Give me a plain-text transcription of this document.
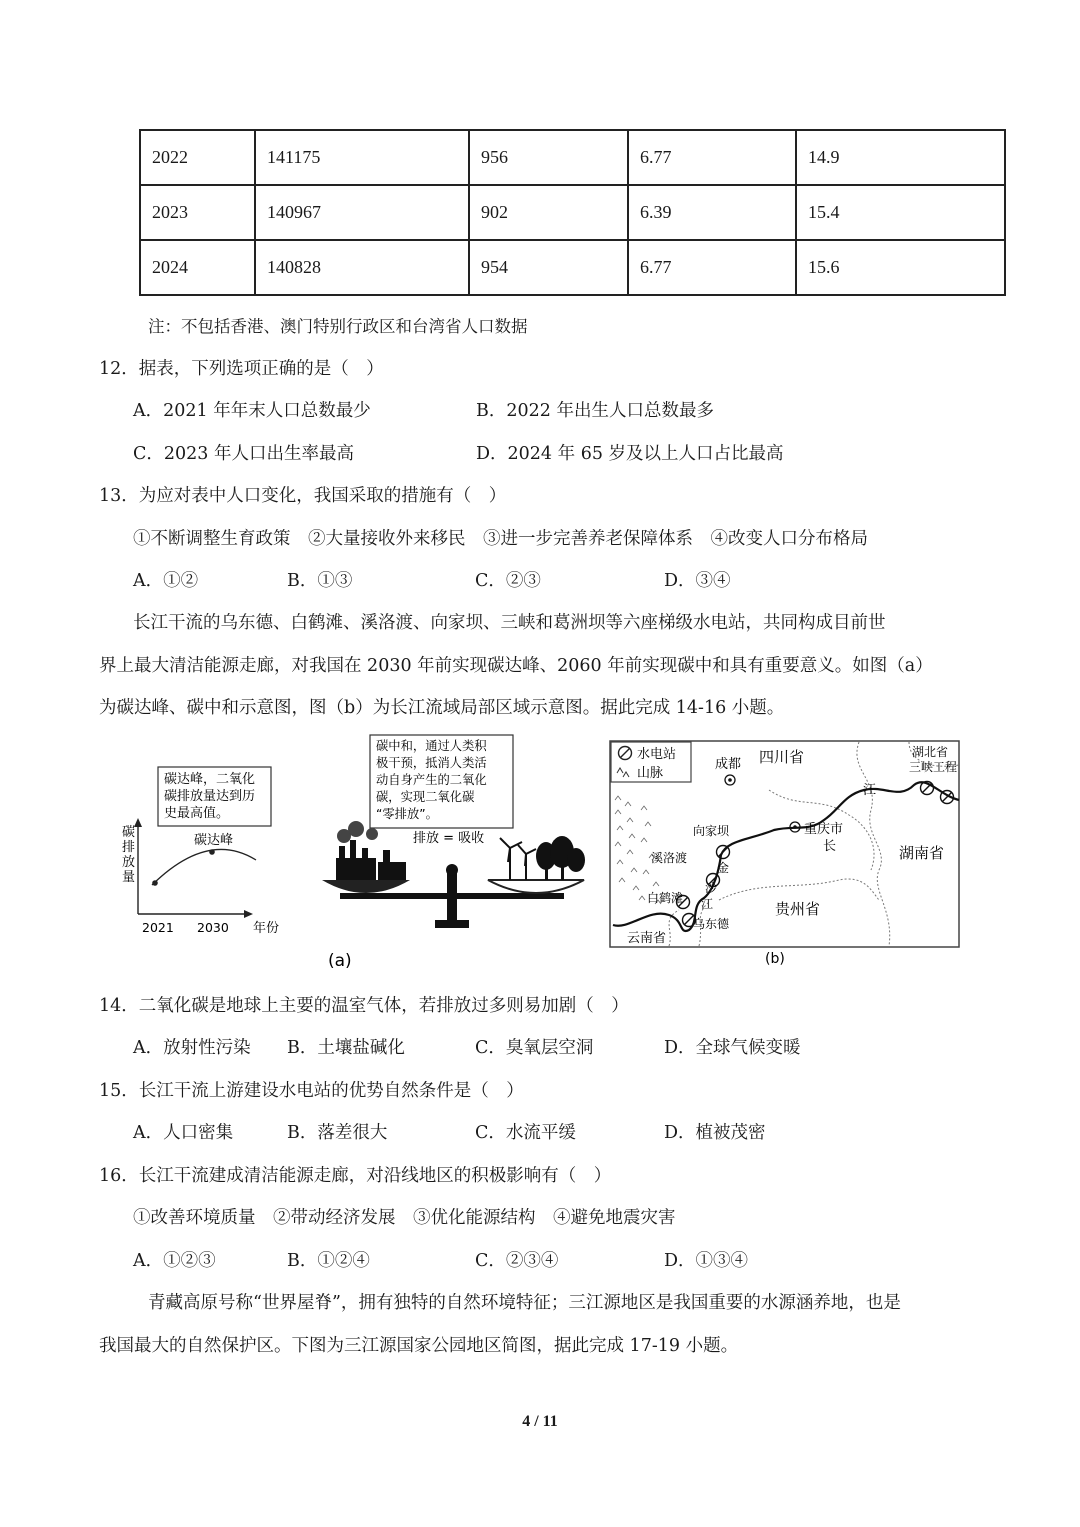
2022	141175	956	6.77	14.9
2023	140967	902	6.39	15.4
2024	140828	954	6.77	15.6
注：不包括香港、澳门特别行政区和台湾省人口数据
12．据表，下列选项正确的是（　）
A．2021 年年末人口总数最少	B．2022 年出生人口总数最多
C．2023 年人口出生率最高	D．2024 年 65 岁及以上人口占比最高
13．为应对表中人口变化，我国采取的措施有（　）
①不断调整生育政策　②大量接收外来移民　③进一步完善养老保障体系　④改变人口分布格局
A．①②	B．①③	C．②③	D．③④
长江干流的乌东德、白鹤滩、溪洛渡、向家坝、三峡和葛洲坝等六座梯级水电站，共同构成目前世
界上最大清洁能源走廊，对我国在 2030 年前实现碳达峰、2060 年前实现碳中和具有重要意义。如图（a）
为碳达峰、碳中和示意图，图（b）为长江流域局部区域示意图。据此完成 14-16 小题。
碳达峰，二氧化
碳排放量达到历
史最高值。
碳
排
放
量
碳达峰
2021 2030 年份
碳中和，通过人类积
极干预，抵消人类活
动自身产生的二氧化
碳，实现二氧化碳
“零排放”。
排放 = 吸收
(a)
水电站
山脉
成都 四川省	湖北省
三峡工程
江
长
重庆市
向家坝
溪洛渡
金
沙
江
白鹤滩
乌东德
贵州省
湖南省
云南省
(b)
14．二氧化碳是地球上主要的温室气体，若排放过多则易加剧（　）
A．放射性污染 B．土壤盐碱化	C．臭氧层空洞	D．全球气候变暖
15．长江干流上游建设水电站的优势自然条件是（　）
A．人口密集	B．落差很大	C．水流平缓	D．植被茂密
16．长江干流建成清洁能源走廊，对沿线地区的积极影响有（　）
①改善环境质量　②带动经济发展　③优化能源结构　④避免地震灾害
A．①②③	B．①②④	C．②③④	D．①③④
青藏高原号称“世界屋脊”，拥有独特的自然环境特征；三江源地区是我国重要的水源涵养地，也是
我国最大的自然保护区。下图为三江源国家公园地区简图，据此完成 17-19 小题。
4 / 11
